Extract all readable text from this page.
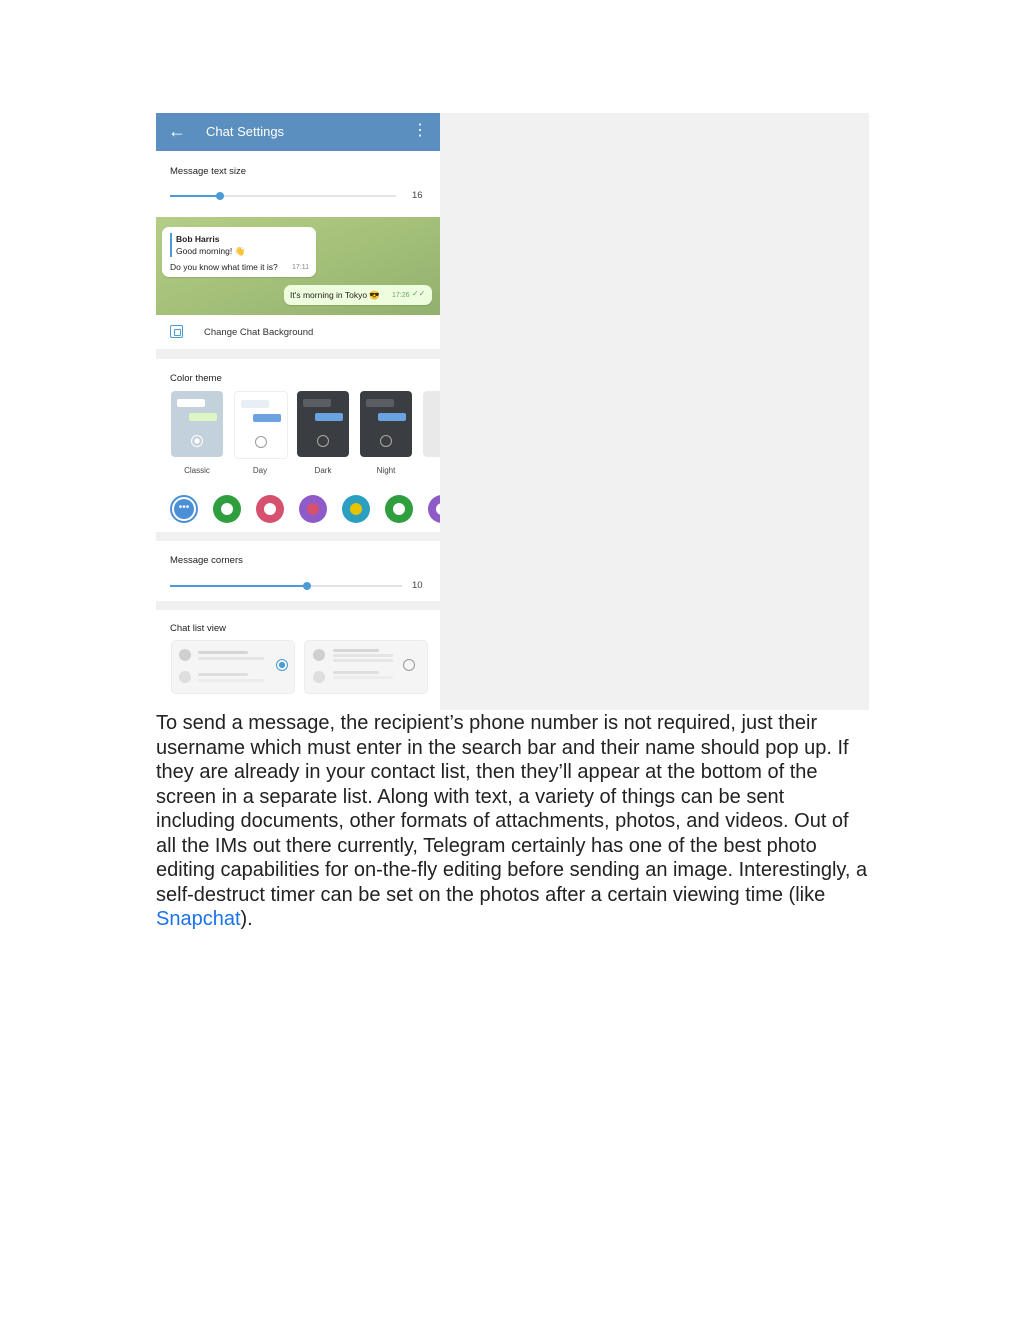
← Chat Settings	⋮
Message text size
16
Bob Harris
Good morning! 👋
Do you know what time it is? 17:11
It's morning in Tokyo 😎 17:26 ✓✓
Change Chat Background
Color theme
Classic	Day	Dark	Night
•••
Message corners
10
Chat list view

To send a message, the recipient’s phone number is not required, just their username which must enter in the search bar and their name should pop up. If they are already in your contact list, then they’ll appear at the bottom of the screen in a separate list. Along with text, a variety of things can be sent including documents, other formats of attachments, photos, and videos. Out of all the IMs out there currently, Telegram certainly has one of the best photo editing capabilities for on-the-fly editing before sending an image. Interestingly, a self-destruct timer can be set on the photos after a certain viewing time (like Snapchat).
